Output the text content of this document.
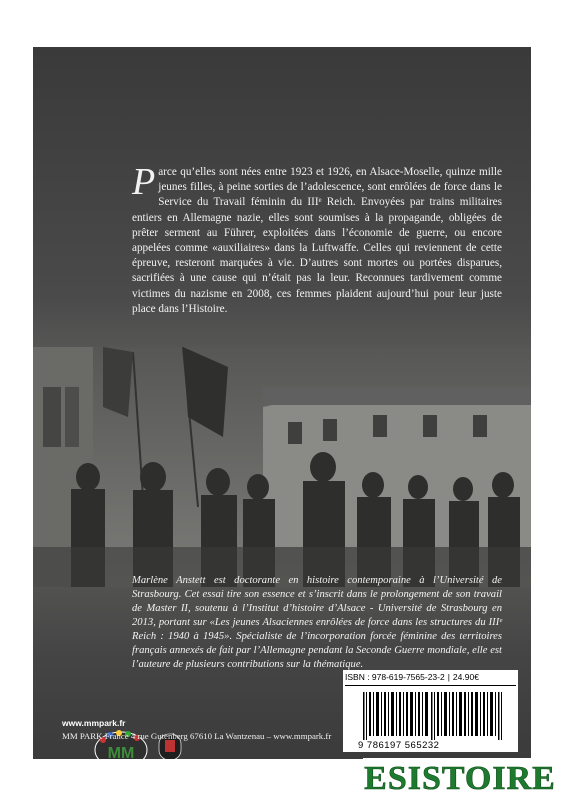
Parce qu’elles sont nées entre 1923 et 1926, en Alsace-Moselle, quinze mille jeunes filles, à peine sorties de l’adolescence, sont enrôlées de force dans le Service du Travail féminin du IIIᵉ Reich. Envoyées par trains militaires entiers en Allemagne nazie, elles sont soumises à la propagande, obligées de prêter serment au Führer, exploitées dans l’économie de guerre, ou encore appelées comme «auxiliaires» dans la Luftwaffe. Celles qui reviennent de cette épreuve, resteront marquées à vie. D’autres sont mortes ou portées disparues, sacrifiées à une cause qui n’était pas la leur. Reconnues tardivement comme victimes du nazisme en 2008, ces femmes plaident aujourd’hui pour leur juste place dans l’Histoire.
Marlène Anstett est doctorante en histoire contemporaine à l’Université de Strasbourg. Cet essai tire son essence et s’inscrit dans le prolongement de son travail de Master II, soutenu à l’Institut d’histoire d’Alsace - Université de Strasbourg en 2013, portant sur «Les jeunes Alsaciennes enrôlées de force dans les structures du IIIᵉ Reich : 1940 à 1945». Spécialiste de l’incorporation forcée féminine des territoires français annexés de fait par l’Allemagne pendant la Seconde Guerre mondiale, elle est l’auteure de plusieurs contributions sur la thématique.
MM
COLLECTION
www.mmpark.fr
MM PARK France 4 rue Gutenberg 67610 La Wantzenau – www.mmpark.fr
ISBN : 978-619-7565-23-2 | 24.90€
9 786197 565232
ESISTOIRE
